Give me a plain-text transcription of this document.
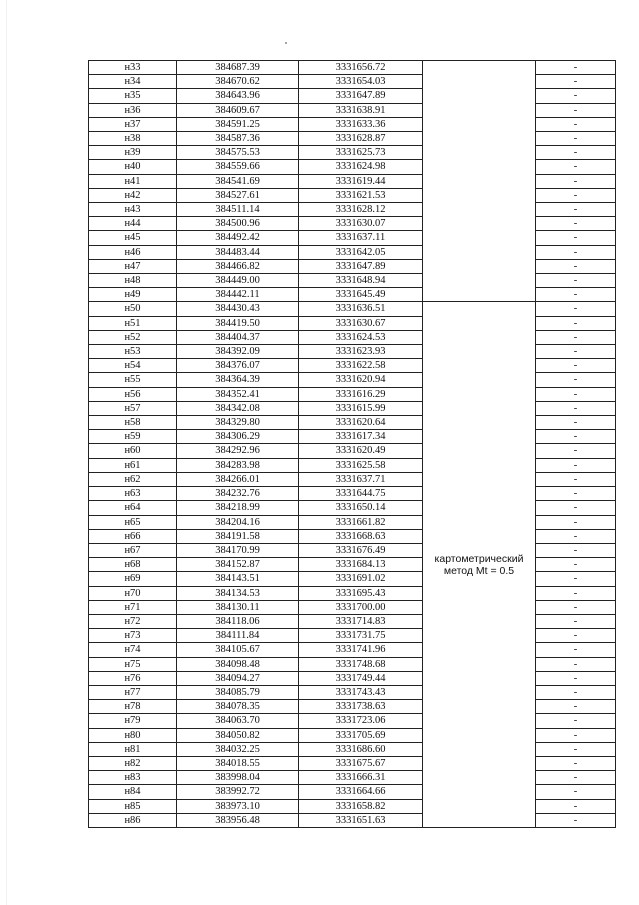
н33	384687.39	3331656.72		-
н34	384670.62	3331654.03		-
н35	384643.96	3331647.89		-
н36	384609.67	3331638.91		-
н37	384591.25	3331633.36		-
н38	384587.36	3331628.87		-
н39	384575.53	3331625.73		-
н40	384559.66	3331624.98		-
н41	384541.69	3331619.44		-
н42	384527.61	3331621.53		-
н43	384511.14	3331628.12		-
н44	384500.96	3331630.07		-
н45	384492.42	3331637.11		-
н46	384483.44	3331642.05		-
н47	384466.82	3331647.89		-
н48	384449.00	3331648.94		-
н49	384442.11	3331645.49		-
н50	384430.43	3331636.51	картометрический метод Mt = 0.5	-
н51	384419.50	3331630.67		-
н52	384404.37	3331624.53		-
н53	384392.09	3331623.93		-
н54	384376.07	3331622.58		-
н55	384364.39	3331620.94		-
н56	384352.41	3331616.29		-
н57	384342.08	3331615.99		-
н58	384329.80	3331620.64		-
н59	384306.29	3331617.34		-
н60	384292.96	3331620.49		-
н61	384283.98	3331625.58		-
н62	384266.01	3331637.71		-
н63	384232.76	3331644.75		-
н64	384218.99	3331650.14		-
н65	384204.16	3331661.82		-
н66	384191.58	3331668.63		-
н67	384170.99	3331676.49		-
н68	384152.87	3331684.13		-
н69	384143.51	3331691.02		-
н70	384134.53	3331695.43		-
н71	384130.11	3331700.00		-
н72	384118.06	3331714.83		-
н73	384111.84	3331731.75		-
н74	384105.67	3331741.96		-
н75	384098.48	3331748.68		-
н76	384094.27	3331749.44		-
н77	384085.79	3331743.43		-
н78	384078.35	3331738.63		-
н79	384063.70	3331723.06		-
н80	384050.82	3331705.69		-
н81	384032.25	3331686.60		-
н82	384018.55	3331675.67		-
н83	383998.04	3331666.31		-
н84	383992.72	3331664.66		-
н85	383973.10	3331658.82		-
н86	383956.48	3331651.63		-
